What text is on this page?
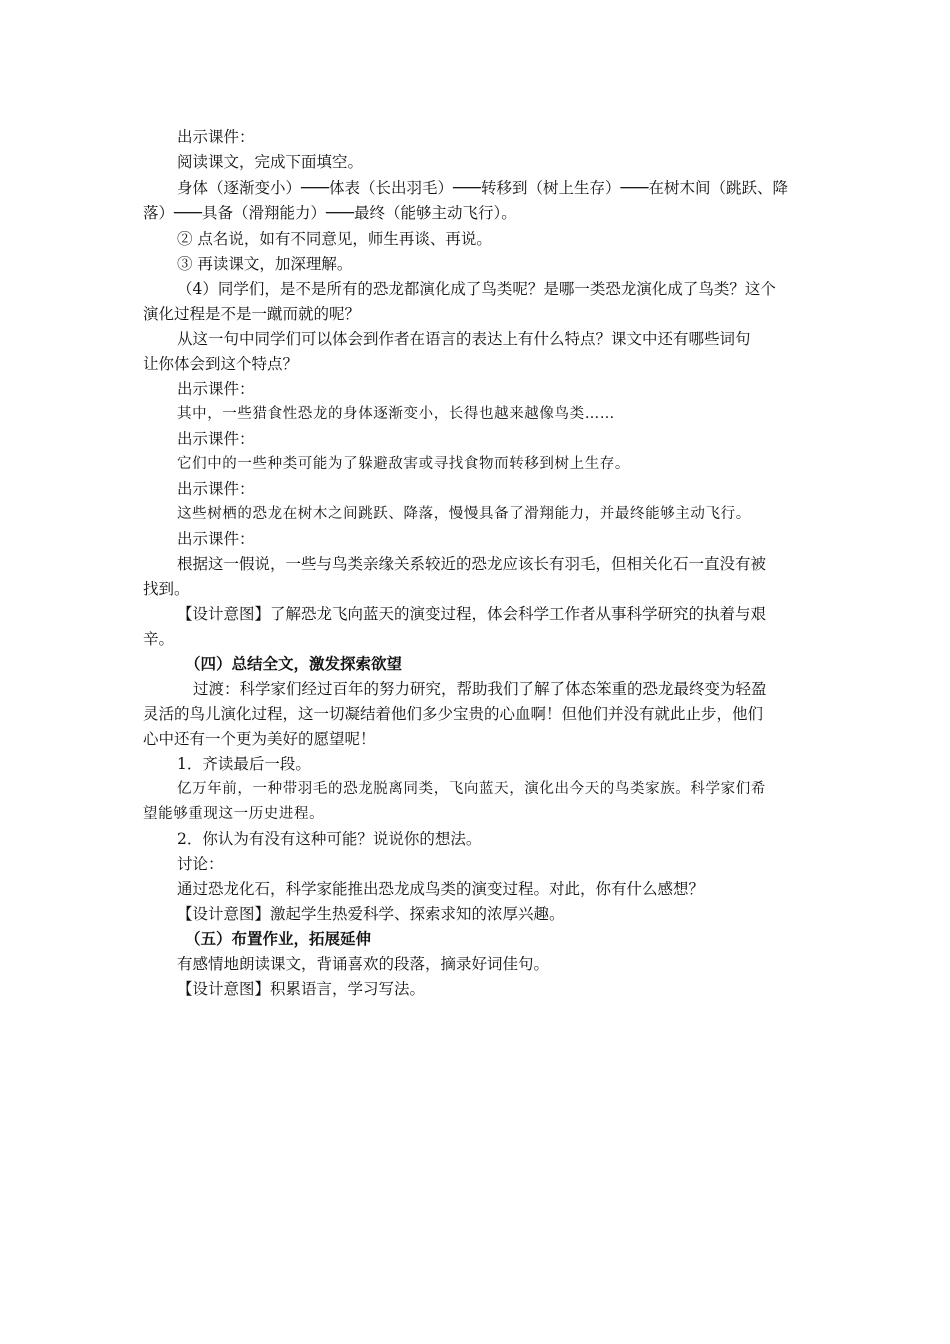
出示课件：
阅读课文，完成下面填空。
身体（逐渐变小）───体表（长出羽毛）───转移到（树上生存）───在树木间（跳跃、降
落）───具备（滑翔能力）───最终（能够主动飞行）。
② 点名说，如有不同意见，师生再谈、再说。
③ 再读课文，加深理解。
（4）同学们，是不是所有的恐龙都演化成了鸟类呢？是哪一类恐龙演化成了鸟类？这个
演化过程是不是一蹴而就的呢？
从这一句中同学们可以体会到作者在语言的表达上有什么特点？课文中还有哪些词句
让你体会到这个特点？
出示课件：
其中，一些猎食性恐龙的身体逐渐变小，长得也越来越像鸟类……
出示课件：
它们中的一些种类可能为了躲避敌害或寻找食物而转移到树上生存。
出示课件：
这些树栖的恐龙在树木之间跳跃、降落，慢慢具备了滑翔能力，并最终能够主动飞行。
出示课件：
根据这一假说，一些与鸟类亲缘关系较近的恐龙应该长有羽毛，但相关化石一直没有被
找到。
【设计意图】了解恐龙飞向蓝天的演变过程，体会科学工作者从事科学研究的执着与艰
辛。
（四）总结全文，激发探索欲望
过渡：科学家们经过百年的努力研究，帮助我们了解了体态笨重的恐龙最终变为轻盈
灵活的鸟儿演化过程，这一切凝结着他们多少宝贵的心血啊！但他们并没有就此止步，他们
心中还有一个更为美好的愿望呢！
1．齐读最后一段。
亿万年前，一种带羽毛的恐龙脱离同类，飞向蓝天，演化出今天的鸟类家族。科学家们希
望能够重现这一历史进程。
2．你认为有没有这种可能？说说你的想法。
讨论：
通过恐龙化石，科学家能推出恐龙成鸟类的演变过程。对此，你有什么感想？
【设计意图】激起学生热爱科学、探索求知的浓厚兴趣。
（五）布置作业，拓展延伸
有感情地朗读课文，背诵喜欢的段落，摘录好词佳句。
【设计意图】积累语言，学习写法。
